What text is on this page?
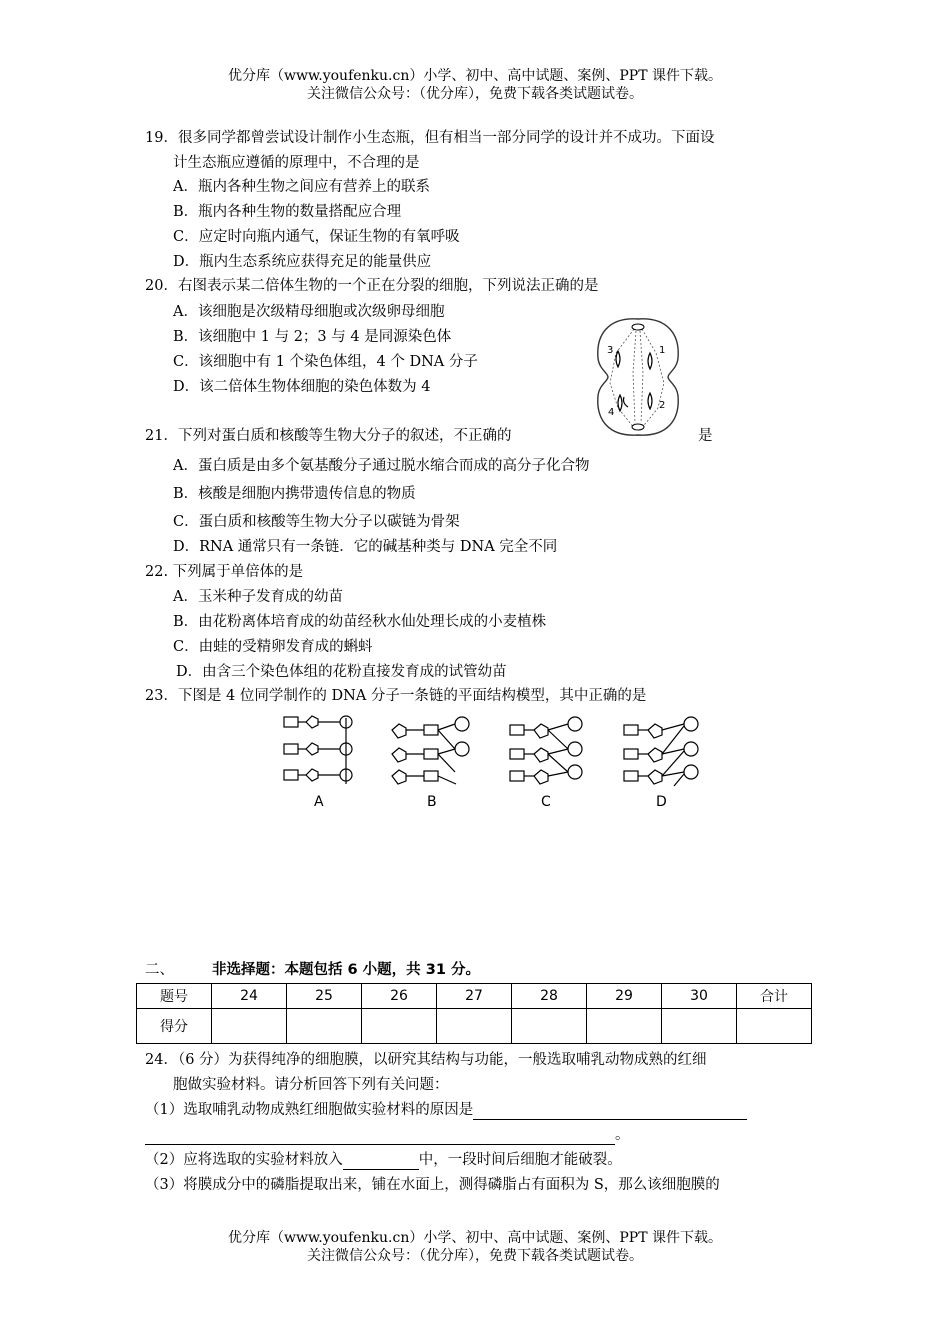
优分库（www.youfenku.cn）小学、初中、高中试题、案例、PPT 课件下载。
关注微信公众号：（优分库），免费下载各类试题试卷。
19．很多同学都曾尝试设计制作小生态瓶，但有相当一部分同学的设计并不成功。下面设
计生态瓶应遵循的原理中，不合理的是
A．瓶内各种生物之间应有营养上的联系
B．瓶内各种生物的数量搭配应合理
C．应定时向瓶内通气，保证生物的有氧呼吸
D．瓶内生态系统应获得充足的能量供应
20．右图表示某二倍体生物的一个正在分裂的细胞，下列说法正确的是
A．该细胞是次级精母细胞或次级卵母细胞
B．该细胞中 1 与 2；3 与 4 是同源染色体
C．该细胞中有 1 个染色体组，4 个 DNA 分子
D．该二倍体生物体细胞的染色体数为 4
3	1
4
2
21．下列对蛋白质和核酸等生物大分子的叙述，不正确的	是
A．蛋白质是由多个氨基酸分子通过脱水缩合而成的高分子化合物
B．核酸是细胞内携带遗传信息的物质
C．蛋白质和核酸等生物大分子以碳链为骨架
D．RNA 通常只有一条链．它的碱基种类与 DNA 完全不同
22. 下列属于单倍体的是
A．玉米种子发育成的幼苗
B．由花粉离体培育成的幼苗经秋水仙处理长成的小麦植株
C．由蛙的受精卵发育成的蝌蚪
D．由含三个染色体组的花粉直接发育成的试管幼苗
23．下图是 4 位同学制作的 DNA 分子一条链的平面结构模型，其中正确的是
A	B	C	D
二、	非选择题：本题包括 6 小题，共 31 分。
题号	24	25	26	27	28	29	30	合计
得分								
24．（6 分）为获得纯净的细胞膜，以研究其结构与功能，一般选取哺乳动物成熟的红细
胞做实验材料。请分析回答下列有关问题：
（1）选取哺乳动物成熟红细胞做实验材料的原因是
。
（2）应将选取的实验材料放入	中，一段时间后细胞才能破裂。
（3）将膜成分中的磷脂提取出来，铺在水面上，测得磷脂占有面积为 S，那么该细胞膜的
优分库（www.youfenku.cn）小学、初中、高中试题、案例、PPT 课件下载。
关注微信公众号：（优分库），免费下载各类试题试卷。
